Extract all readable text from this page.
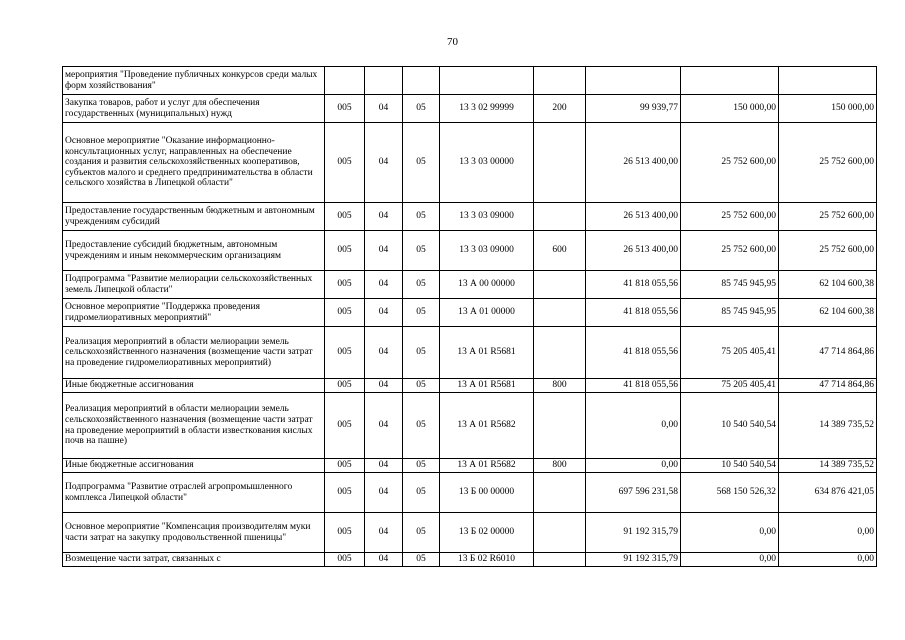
70
мероприятия "Проведение публичных конкурсов среди малых форм хозяйствования"								
Закупка товаров, работ и услуг для обеспечения государственных (муниципальных) нужд	005	04	05	13 3 02 99999	200	99 939,77	150 000,00	150 000,00
Основное мероприятие "Оказание информационно-консультационных услуг, направленных на обеспечение создания и развития сельскохозяйственных кооперативов, субъектов малого и среднего предпринимательства в области сельского хозяйства в Липецкой области"	005	04	05	13 3 03 00000		26 513 400,00	25 752 600,00	25 752 600,00
Предоставление государственным бюджетным и автономным учреждениям субсидий	005	04	05	13 3 03 09000		26 513 400,00	25 752 600,00	25 752 600,00
Предоставление субсидий бюджетным, автономным учреждениям и иным некоммерческим организациям	005	04	05	13 3 03 09000	600	26 513 400,00	25 752 600,00	25 752 600,00
Подпрограмма "Развитие мелиорации сельскохозяйственных земель Липецкой области"	005	04	05	13 А 00 00000		41 818 055,56	85 745 945,95	62 104 600,38
Основное мероприятие "Поддержка проведения гидромелиоративных мероприятий"	005	04	05	13 А 01 00000		41 818 055,56	85 745 945,95	62 104 600,38
Реализация мероприятий в области мелиорации земель сельскохозяйственного назначения (возмещение части затрат на проведение гидромелиоративных мероприятий)	005	04	05	13 А 01 R5681		41 818 055,56	75 205 405,41	47 714 864,86
Иные бюджетные ассигнования	005	04	05	13 А 01 R5681	800	41 818 055,56	75 205 405,41	47 714 864,86
Реализация мероприятий в области мелиорации земель сельскохозяйственного назначения (возмещение части затрат на проведение мероприятий в области известкования кислых почв на пашне)	005	04	05	13 А 01 R5682		0,00	10 540 540,54	14 389 735,52
Иные бюджетные ассигнования	005	04	05	13 А 01 R5682	800	0,00	10 540 540,54	14 389 735,52
Подпрограмма "Развитие отраслей агропромышленного комплекса Липецкой области"	005	04	05	13 Б 00 00000		697 596 231,58	568 150 526,32	634 876 421,05
Основное мероприятие "Компенсация производителям муки части затрат на закупку продовольственной пшеницы"	005	04	05	13 Б 02 00000		91 192 315,79	0,00	0,00
Возмещение части затрат, связанных с	005	04	05	13 Б 02 R6010		91 192 315,79	0,00	0,00
